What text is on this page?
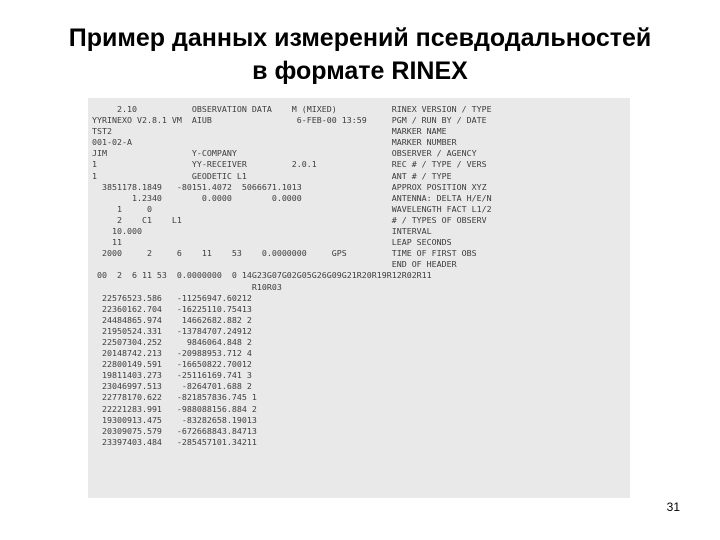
Пример данных измерений псевдодальностей
в формате RINEX
2.10           OBSERVATION DATA    M (MIXED)           RINEX VERSION / TYPE
YYRINEXO V2.8.1 VM  AIUB                 6-FEB-00 13:59     PGM / RUN BY / DATE
TST2                                                        MARKER NAME
001-02-A                                                    MARKER NUMBER
JIM                 Y-COMPANY                               OBSERVER / AGENCY
1                   YY-RECEIVER         2.0.1               REC # / TYPE / VERS
1                   GEODETIC L1                             ANT # / TYPE
3851178.1849   -80151.4072  5066671.1013                  APPROX POSITION XYZ
1.2340        0.0000        0.0000                  ANTENNA: DELTA H/E/N
1     0                                                WAVELENGTH FACT L1/2
2    C1    L1                                          # / TYPES OF OBSERV
10.000                                                  INTERVAL
11                                                      LEAP SECONDS
2000     2     6    11    53    0.0000000     GPS         TIME OF FIRST OBS
END OF HEADER
00  2  6 11 53  0.0000000  0 14G23G07G02G05G26G09G21R20R19R12R02R11
R10R03
22576523.586   -11256947.60212
22360162.704   -16225110.75413
24484865.974    14662682.882 2
21950524.331   -13784707.24912
22507304.252     9846064.848 2
20148742.213   -20988953.712 4
22800149.591   -16650822.70012
19811403.273   -25116169.741 3
23046997.513    -8264701.688 2
22778170.622   -821857836.745 1
22221283.991   -988088156.884 2
19300913.475    -83282658.19013
20309075.579   -672668843.84713
23397403.484   -285457101.34211
31
